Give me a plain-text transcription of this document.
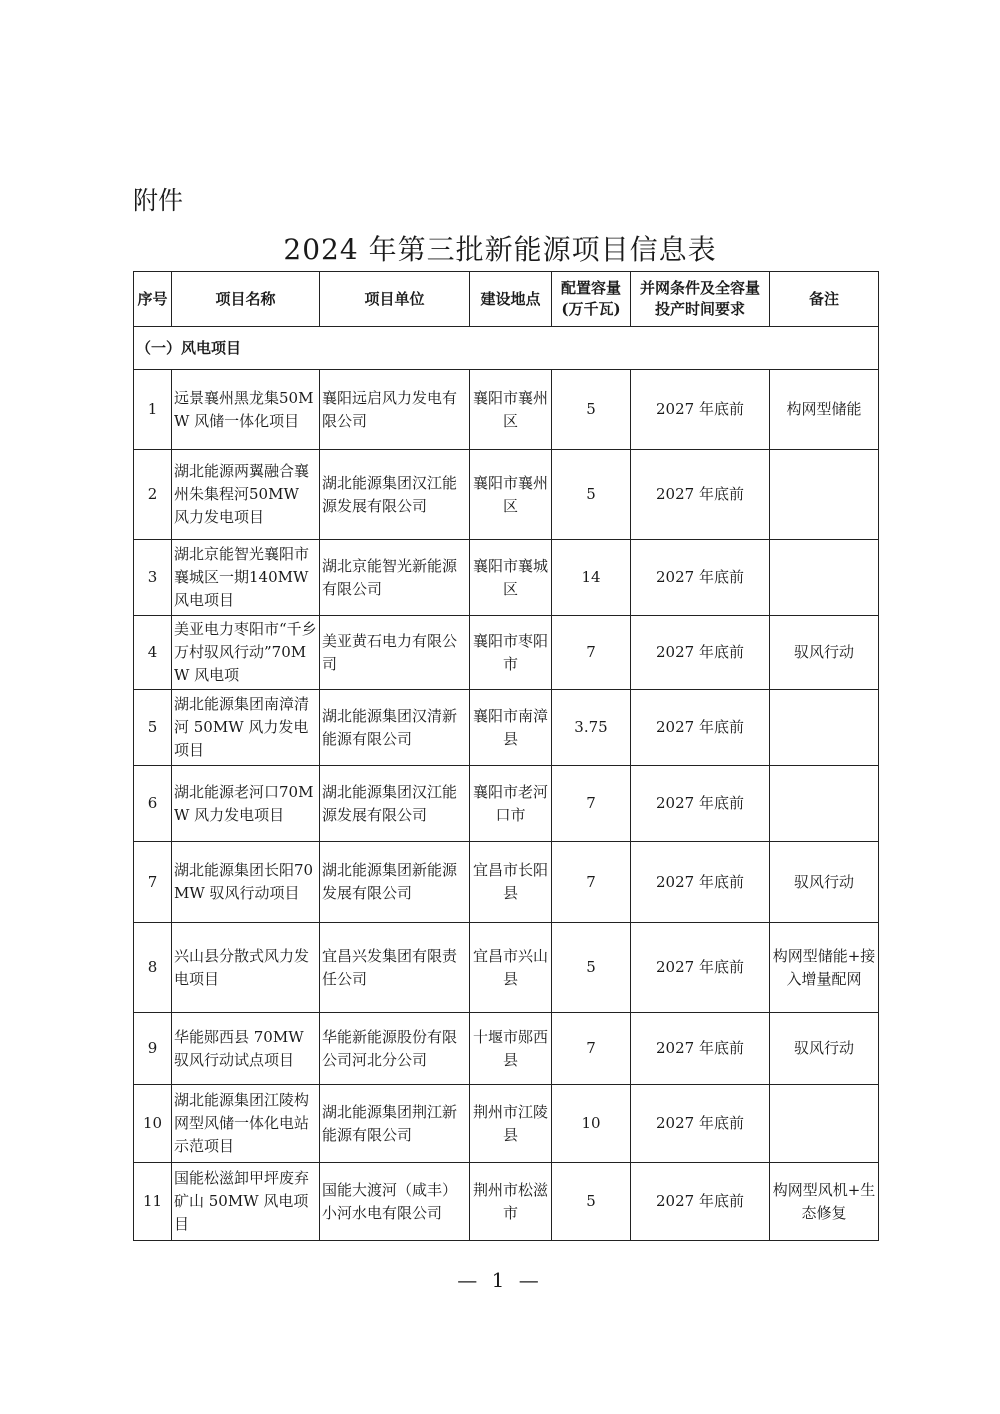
附件
2024 年第三批新能源项目信息表
序号	项目名称	项目单位	建设地点	配置容量(万千瓦)	并网条件及全容量投产时间要求	备注
（一）风电项目						
1	远景襄州黑龙集50MW 风储一体化项目	襄阳远启风力发电有限公司	襄阳市襄州区	5	2027 年底前	构网型储能
2	湖北能源两翼融合襄州朱集程河50MW 风力发电项目	湖北能源集团汉江能源发展有限公司	襄阳市襄州区	5	2027 年底前	
3	湖北京能智光襄阳市襄城区一期140MW 风电项目	湖北京能智光新能源有限公司	襄阳市襄城区	14	2027 年底前	
4	美亚电力枣阳市“千乡万村驭风行动”70MW 风电项	美亚黄石电力有限公司	襄阳市枣阳市	7	2027 年底前	驭风行动
5	湖北能源集团南漳清河 50MW 风力发电项目	湖北能源集团汉清新能源有限公司	襄阳市南漳县	3.75	2027 年底前	
6	湖北能源老河口70MW 风力发电项目	湖北能源集团汉江能源发展有限公司	襄阳市老河口市	7	2027 年底前	
7	湖北能源集团长阳70MW 驭风行动项目	湖北能源集团新能源发展有限公司	宜昌市长阳县	7	2027 年底前	驭风行动
8	兴山县分散式风力发电项目	宜昌兴发集团有限责任公司	宜昌市兴山县	5	2027 年底前	构网型储能+接入增量配网
9	华能郧西县 70MW驭风行动试点项目	华能新能源股份有限公司河北分公司	十堰市郧西县	7	2027 年底前	驭风行动
10	湖北能源集团江陵构网型风储一体化电站示范项目	湖北能源集团荆江新能源有限公司	荆州市江陵县	10	2027 年底前	
11	国能松滋卸甲坪废弃矿山 50MW 风电项目	国能大渡河（咸丰）小河水电有限公司	荆州市松滋市	5	2027 年底前	构网型风机+生态修复
— 1 —
